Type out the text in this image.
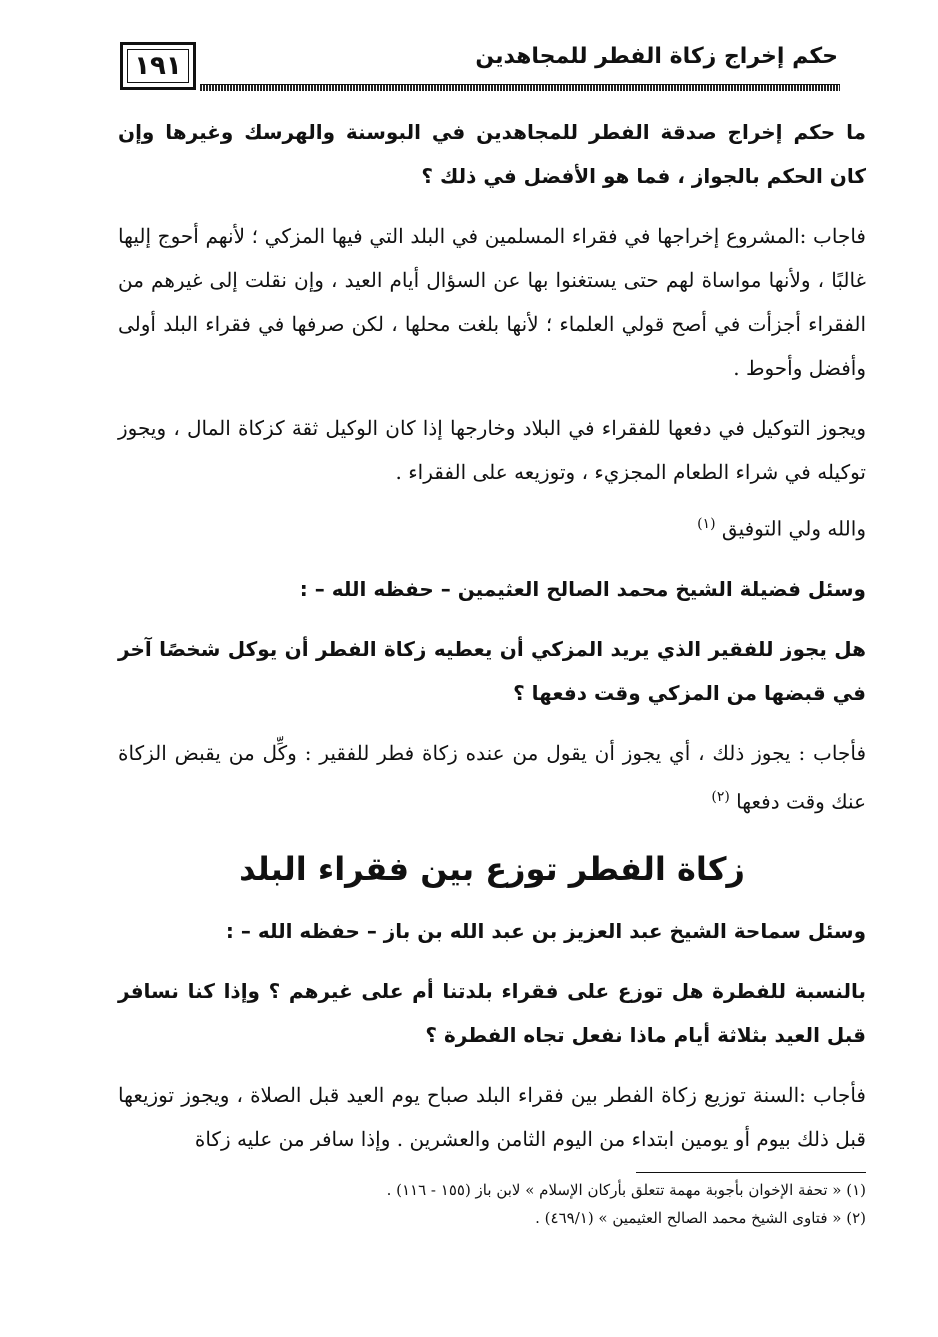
١٩١	حكم إخراج زكاة الفطر للمجاهدين

ما حكم إخراج صدقة الفطر للمجاهدين في البوسنة والهرسك وغيرها وإن كان الحكم بالجواز ، فما هو الأفضل في ذلك ؟

فاجاب :المشروع إخراجها في فقراء المسلمين في البلد التي فيها المزكي ؛ لأنهم أحوج إليها غالبًا ، ولأنها مواساة لهم حتى يستغنوا بها عن السؤال أيام العيد ، وإن نقلت إلى غيرهم من الفقراء أجزأت في أصح قولي العلماء ؛ لأنها بلغت محلها ، لكن صرفها في فقراء البلد أولى وأفضل وأحوط .

ويجوز التوكيل في دفعها للفقراء في البلاد وخارجها إذا كان الوكيل ثقة كزكاة المال ، ويجوز توكيله في شراء الطعام المجزيء ، وتوزيعه على الفقراء .

والله ولي التوفيق $^{(١)}$

وسئل فضيلة الشيخ محمد الصالح العثيمين – حفظه الله – :

هل يجوز للفقير الذي يريد المزكي أن يعطيه زكاة الفطر أن يوكل شخصًا آخر في قبضها من المزكي وقت دفعها ؟

فأجاب : يجوز ذلك ، أي يجوز أن يقول من عنده زكاة فطر للفقير : وكِّل من يقبض الزكاة عنك وقت دفعها $^{(٢)}$

زكاة الفطر توزع بين فقراء البلد

وسئل سماحة الشيخ عبد العزيز بن عبد الله بن باز – حفظه الله – :

بالنسبة للفطرة هل توزع على فقراء بلدتنا أم على غيرهم ؟ وإذا كنا نسافر قبل العيد بثلاثة أيام ماذا نفعل تجاه الفطرة ؟

فأجاب :السنة توزيع زكاة الفطر بين فقراء البلد صباح يوم العيد قبل الصلاة ، ويجوز توزيعها قبل ذلك بيوم أو يومين ابتداء من اليوم الثامن والعشرين . وإذا سافر من عليه زكاة

(١) « تحفة الإخوان بأجوبة مهمة تتعلق بأركان الإسلام » لابن باز (١٥٥ - ١١٦) .
(٢) « فتاوى الشيخ محمد الصالح العثيمين » (٤٦٩/١) .
